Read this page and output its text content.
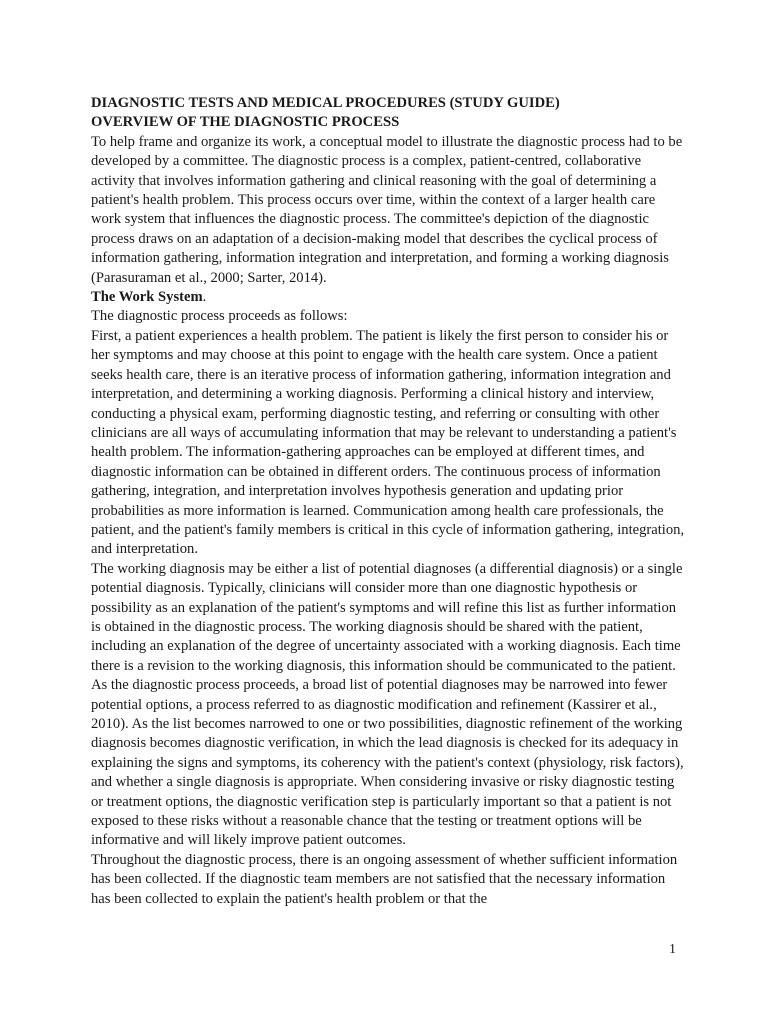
DIAGNOSTIC TESTS AND MEDICAL PROCEDURES (STUDY GUIDE)

OVERVIEW OF THE DIAGNOSTIC PROCESS

To help frame and organize its work, a conceptual model to illustrate the diagnostic process had to be developed by a committee. The diagnostic process is a complex, patient-centred, collaborative activity that involves information gathering and clinical reasoning with the goal of determining a patient's health problem. This process occurs over time, within the context of a larger health care work system that influences the diagnostic process. The committee's depiction of the diagnostic process draws on an adaptation of a decision-making model that describes the cyclical process of information gathering, information integration and interpretation, and forming a working diagnosis (Parasuraman et al., 2000; Sarter, 2014).

The Work System.

The diagnostic process proceeds as follows:

First, a patient experiences a health problem. The patient is likely the first person to consider his or her symptoms and may choose at this point to engage with the health care system. Once a patient seeks health care, there is an iterative process of information gathering, information integration and interpretation, and determining a working diagnosis. Performing a clinical history and interview, conducting a physical exam, performing diagnostic testing, and referring or consulting with other clinicians are all ways of accumulating information that may be relevant to understanding a patient's health problem. The information-gathering approaches can be employed at different times, and diagnostic information can be obtained in different orders. The continuous process of information gathering, integration, and interpretation involves hypothesis generation and updating prior probabilities as more information is learned. Communication among health care professionals, the patient, and the patient's family members is critical in this cycle of information gathering, integration, and interpretation.

The working diagnosis may be either a list of potential diagnoses (a differential diagnosis) or a single potential diagnosis. Typically, clinicians will consider more than one diagnostic hypothesis or possibility as an explanation of the patient's symptoms and will refine this list as further information is obtained in the diagnostic process. The working diagnosis should be shared with the patient, including an explanation of the degree of uncertainty associated with a working diagnosis. Each time there is a revision to the working diagnosis, this information should be communicated to the patient. As the diagnostic process proceeds, a broad list of potential diagnoses may be narrowed into fewer potential options, a process referred to as diagnostic modification and refinement (Kassirer et al., 2010). As the list becomes narrowed to one or two possibilities, diagnostic refinement of the working diagnosis becomes diagnostic verification, in which the lead diagnosis is checked for its adequacy in explaining the signs and symptoms, its coherency with the patient's context (physiology, risk factors), and whether a single diagnosis is appropriate. When considering invasive or risky diagnostic testing or treatment options, the diagnostic verification step is particularly important so that a patient is not exposed to these risks without a reasonable chance that the testing or treatment options will be informative and will likely improve patient outcomes.

Throughout the diagnostic process, there is an ongoing assessment of whether sufficient information has been collected. If the diagnostic team members are not satisfied that the necessary information has been collected to explain the patient's health problem or that the

1
